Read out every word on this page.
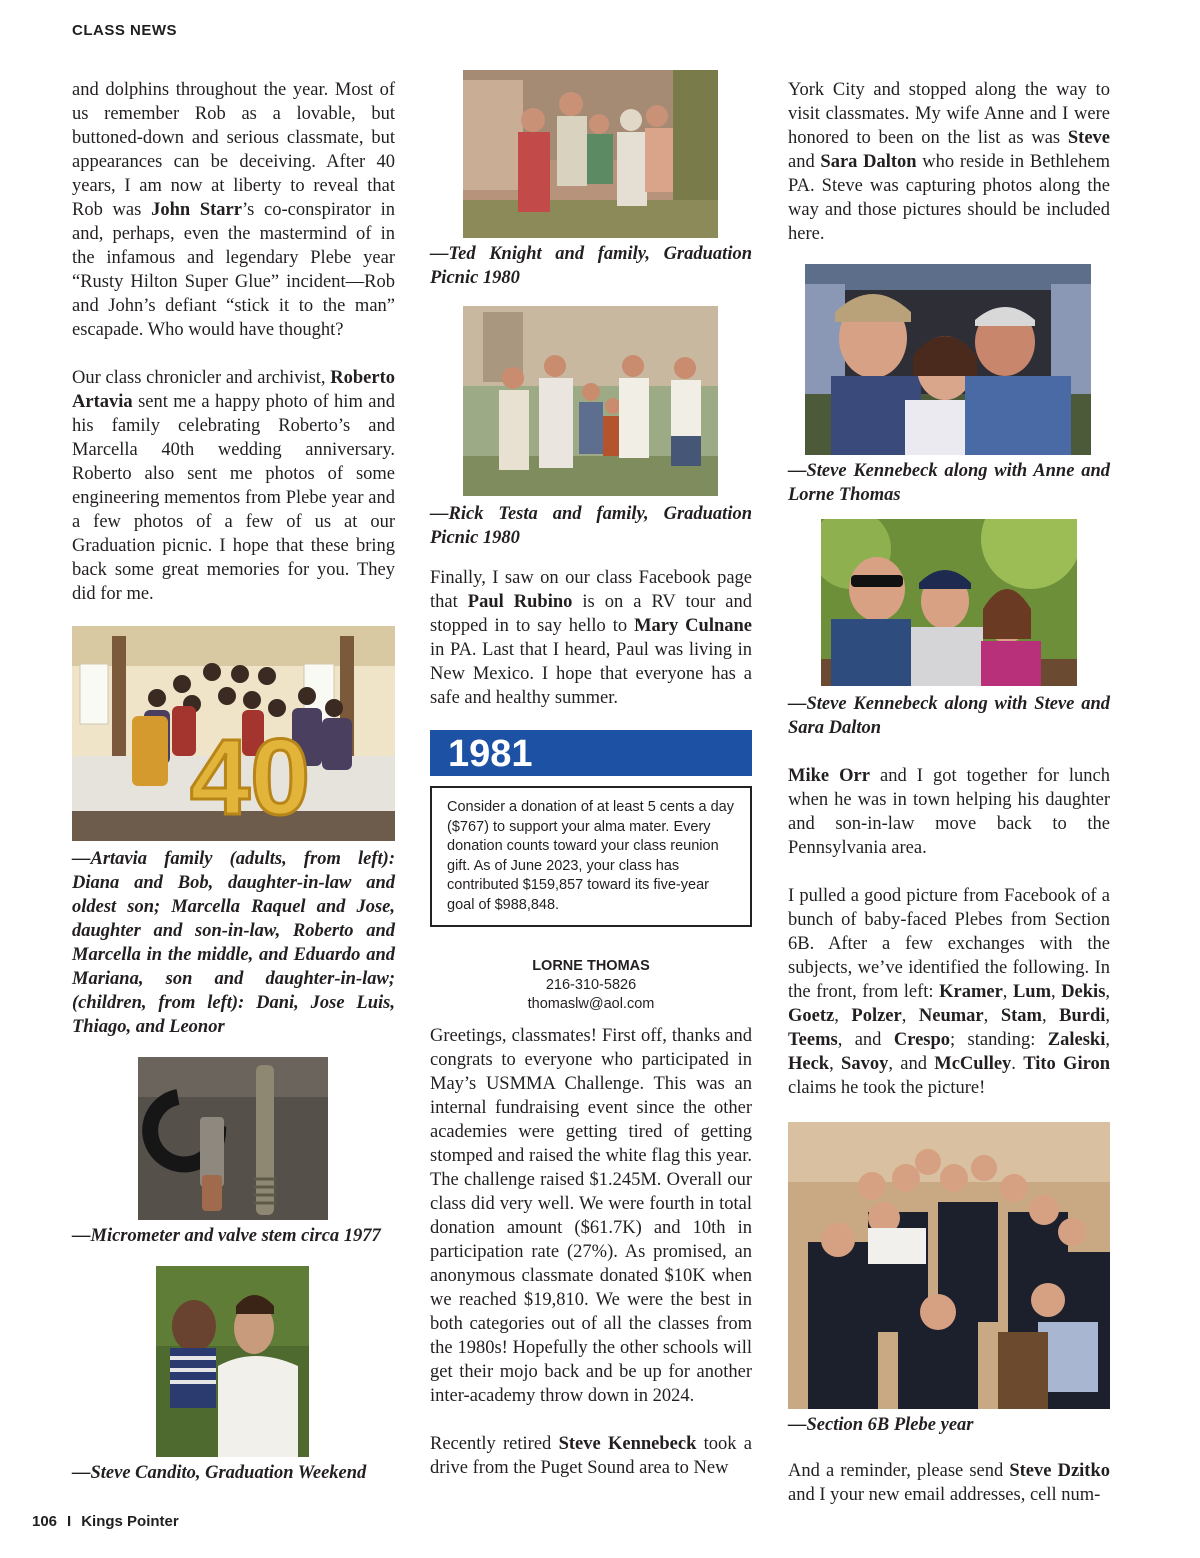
CLASS NEWS

and dolphins throughout the year. Most of us remember Rob as a lovable, but buttoned-down and serious classmate, but appearances can be deceiving. After 40 years, I am now at liberty to reveal that Rob was John Starr’s co-conspirator in and, perhaps, even the mastermind of in the infamous and legendary Plebe year “Rusty Hilton Super Glue” incident—Rob and John’s defiant “stick it to the man” escapade. Who would have thought?

Our class chronicler and archivist, Roberto Artavia sent me a happy photo of him and his family celebrating Roberto’s and Marcella 40th wedding anniversary. Roberto also sent me photos of some engineering mementos from Plebe year and a few photos of a few of us at our Graduation picnic. I hope that these bring back some great memories for you. They did for me.

40
—Artavia family (adults, from left): Diana and Bob, daughter-in-law and oldest son; Marcella Raquel and Jose, daughter and son-in-law, Roberto and Marcella in the middle, and Eduardo and Mariana, son and daughter-in-law; (children, from left): Dani, Jose Luis, Thiago, and Leonor
—Micrometer and valve stem circa 1977
—Steve Candito, Graduation Weekend
—Ted Knight and family, Graduation Picnic 1980
—Rick Testa and family, Graduation Picnic 1980

Finally, I saw on our class Facebook page that Paul Rubino is on a RV tour and stopped in to say hello to Mary Culnane in PA. Last that I heard, Paul was living in New Mexico. I hope that everyone has a safe and healthy summer.

1981
Consider a donation of at least 5 cents a day ($767) to support your alma mater. Every donation counts toward your class reunion gift. As of June 2023, your class has contributed $159,857 toward its five-year goal of $988,848.
LORNE THOMAS
216-310-5826
thomaslw@aol.com

Greetings, classmates! First off, thanks and congrats to everyone who participated in May’s USMMA Challenge. This was an internal fundraising event since the other academies were getting tired of getting stomped and raised the white flag this year. The challenge raised $1.245M. Overall our class did very well. We were fourth in total donation amount ($61.7K) and 10th in participation rate (27%). As promised, an anonymous classmate donated $10K when we reached $19,810. We were the best in both categories out of all the classes from the 1980s! Hopefully the other schools will get their mojo back and be up for another inter-academy throw down in 2024.

Recently retired Steve Kennebeck took a drive from the Puget Sound area to New

York City and stopped along the way to visit classmates. My wife Anne and I were honored to been on the list as was Steve and Sara Dalton who reside in Bethlehem PA. Steve was capturing photos along the way and those pictures should be included here.

—Steve Kennebeck along with Anne and Lorne Thomas
—Steve Kennebeck along with Steve and Sara Dalton

Mike Orr and I got together for lunch when he was in town helping his daughter and son-in-law move back to the Pennsylvania area.

I pulled a good picture from Facebook of a bunch of baby-faced Plebes from Section 6B. After a few exchanges with the subjects, we’ve identified the following. In the front, from left: Kramer, Lum, Dekis, Goetz, Polzer, Neumar, Stam, Burdi, Teems, and Crespo; standing: Zaleski, Heck, Savoy, and McCulley. Tito Giron claims he took the picture!

—Section 6B Plebe year

And a reminder, please send Steve Dzitko and I your new email addresses, cell num-

106 I Kings Pointer
